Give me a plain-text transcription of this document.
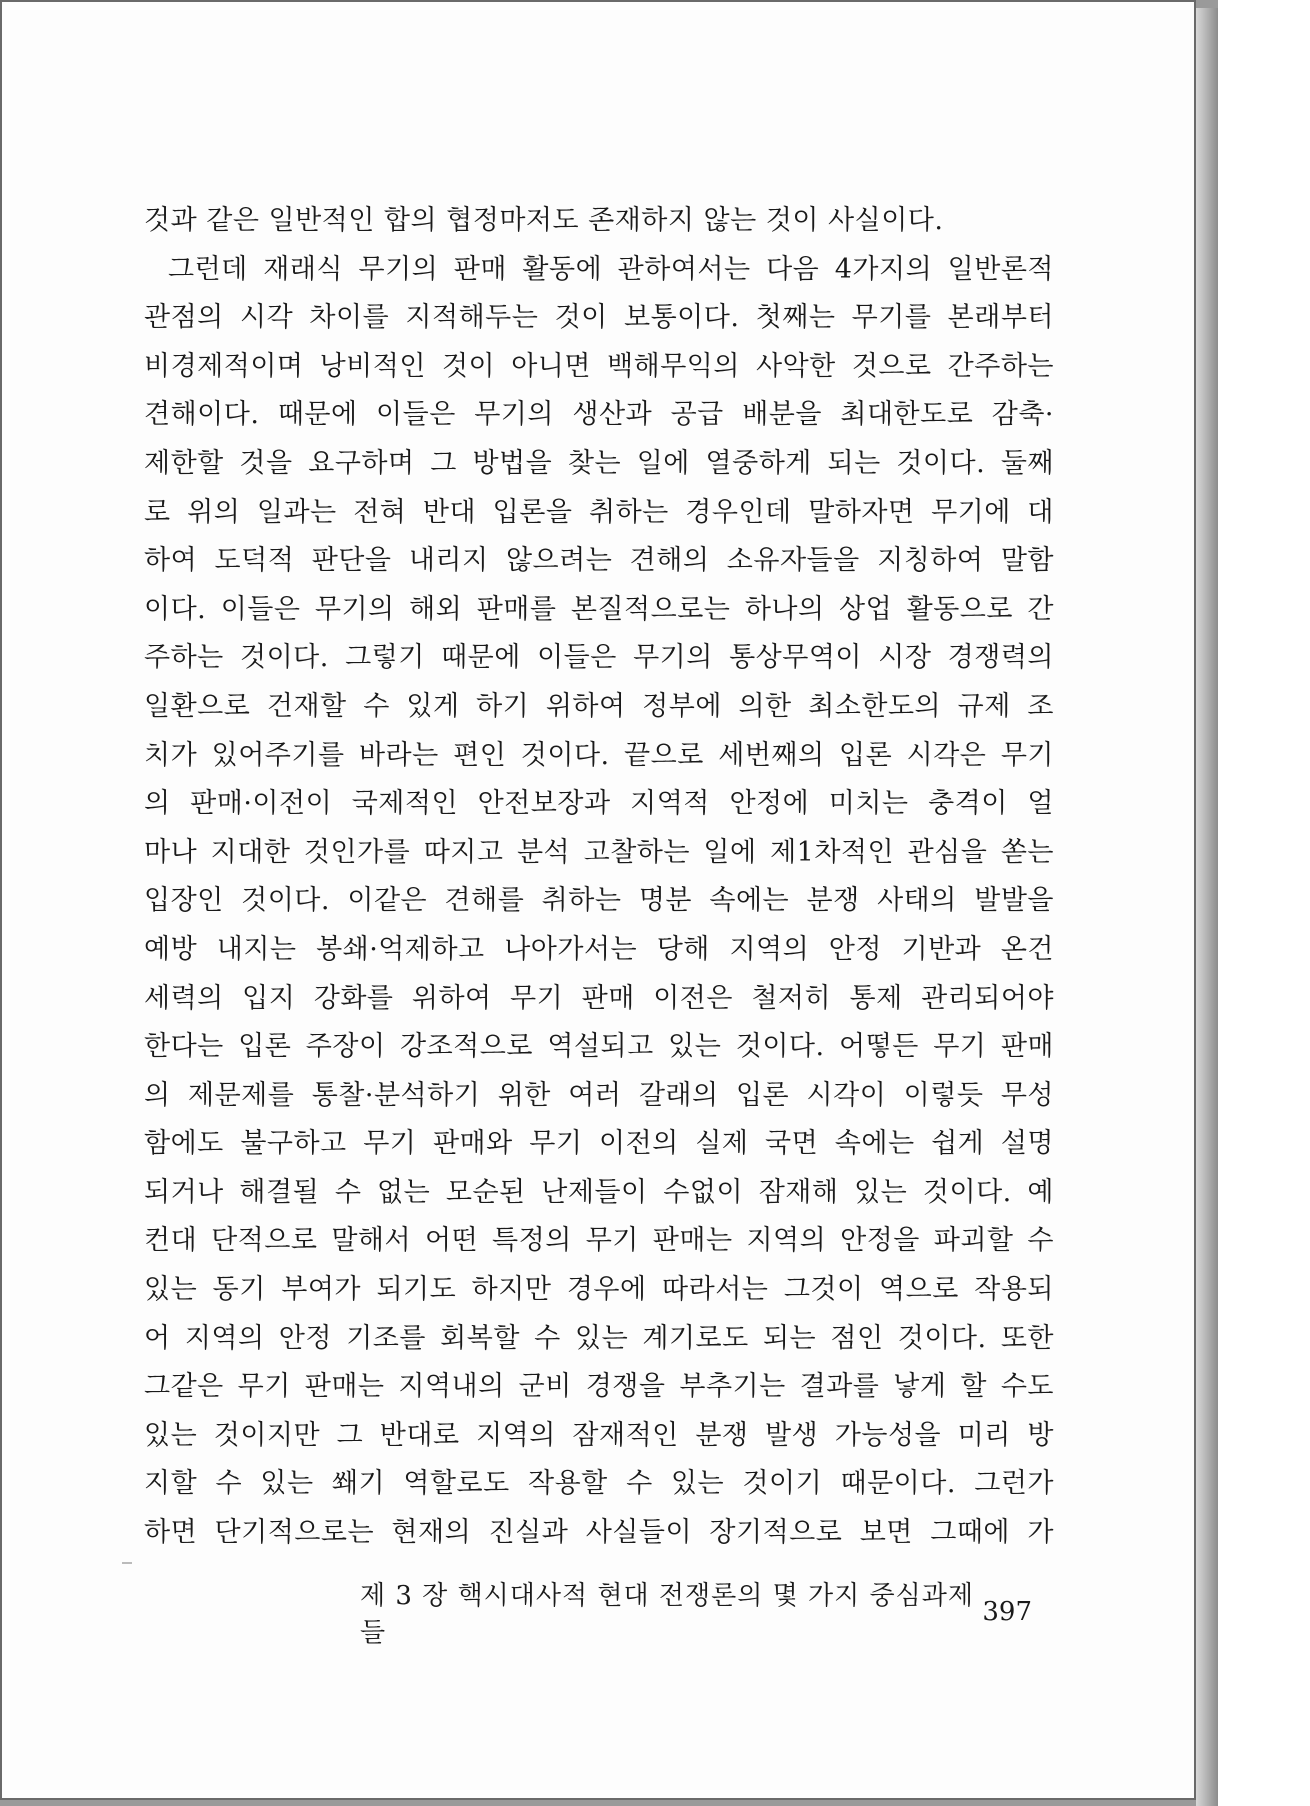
것과 같은 일반적인 합의 협정마저도 존재하지 않는 것이 사실이다.
그런데 재래식 무기의 판매 활동에 관하여서는 다음 4가지의 일반론적
관점의 시각 차이를 지적해두는 것이 보통이다. 첫째는 무기를 본래부터
비경제적이며 낭비적인 것이 아니면 백해무익의 사악한 것으로 간주하는
견해이다. 때문에 이들은 무기의 생산과 공급 배분을 최대한도로 감축·
제한할 것을 요구하며 그 방법을 찾는 일에 열중하게 되는 것이다. 둘째
로 위의 일과는 전혀 반대 입론을 취하는 경우인데 말하자면 무기에 대
하여 도덕적 판단을 내리지 않으려는 견해의 소유자들을 지칭하여 말함
이다. 이들은 무기의 해외 판매를 본질적으로는 하나의 상업 활동으로 간
주하는 것이다. 그렇기 때문에 이들은 무기의 통상무역이 시장 경쟁력의
일환으로 건재할 수 있게 하기 위하여 정부에 의한 최소한도의 규제 조
치가 있어주기를 바라는 편인 것이다. 끝으로 세번째의 입론 시각은 무기
의 판매·이전이 국제적인 안전보장과 지역적 안정에 미치는 충격이 얼
마나 지대한 것인가를 따지고 분석 고찰하는 일에 제1차적인 관심을 쏟는
입장인 것이다. 이같은 견해를 취하는 명분 속에는 분쟁 사태의 발발을
예방 내지는 봉쇄·억제하고 나아가서는 당해 지역의 안정 기반과 온건
세력의 입지 강화를 위하여 무기 판매 이전은 철저히 통제 관리되어야
한다는 입론 주장이 강조적으로 역설되고 있는 것이다. 어떻든 무기 판매
의 제문제를 통찰·분석하기 위한 여러 갈래의 입론 시각이 이렇듯 무성
함에도 불구하고 무기 판매와 무기 이전의 실제 국면 속에는 쉽게 설명
되거나 해결될 수 없는 모순된 난제들이 수없이 잠재해 있는 것이다. 예
컨대 단적으로 말해서 어떤 특정의 무기 판매는 지역의 안정을 파괴할 수
있는 동기 부여가 되기도 하지만 경우에 따라서는 그것이 역으로 작용되
어 지역의 안정 기조를 회복할 수 있는 계기로도 되는 점인 것이다. 또한
그같은 무기 판매는 지역내의 군비 경쟁을 부추기는 결과를 낳게 할 수도
있는 것이지만 그 반대로 지역의 잠재적인 분쟁 발생 가능성을 미리 방
지할 수 있는 쐐기 역할로도 작용할 수 있는 것이기 때문이다. 그런가
하면 단기적으로는 현재의 진실과 사실들이 장기적으로 보면 그때에 가
제 3 장 핵시대사적 현대 전쟁론의 몇 가지 중심과제들
397
